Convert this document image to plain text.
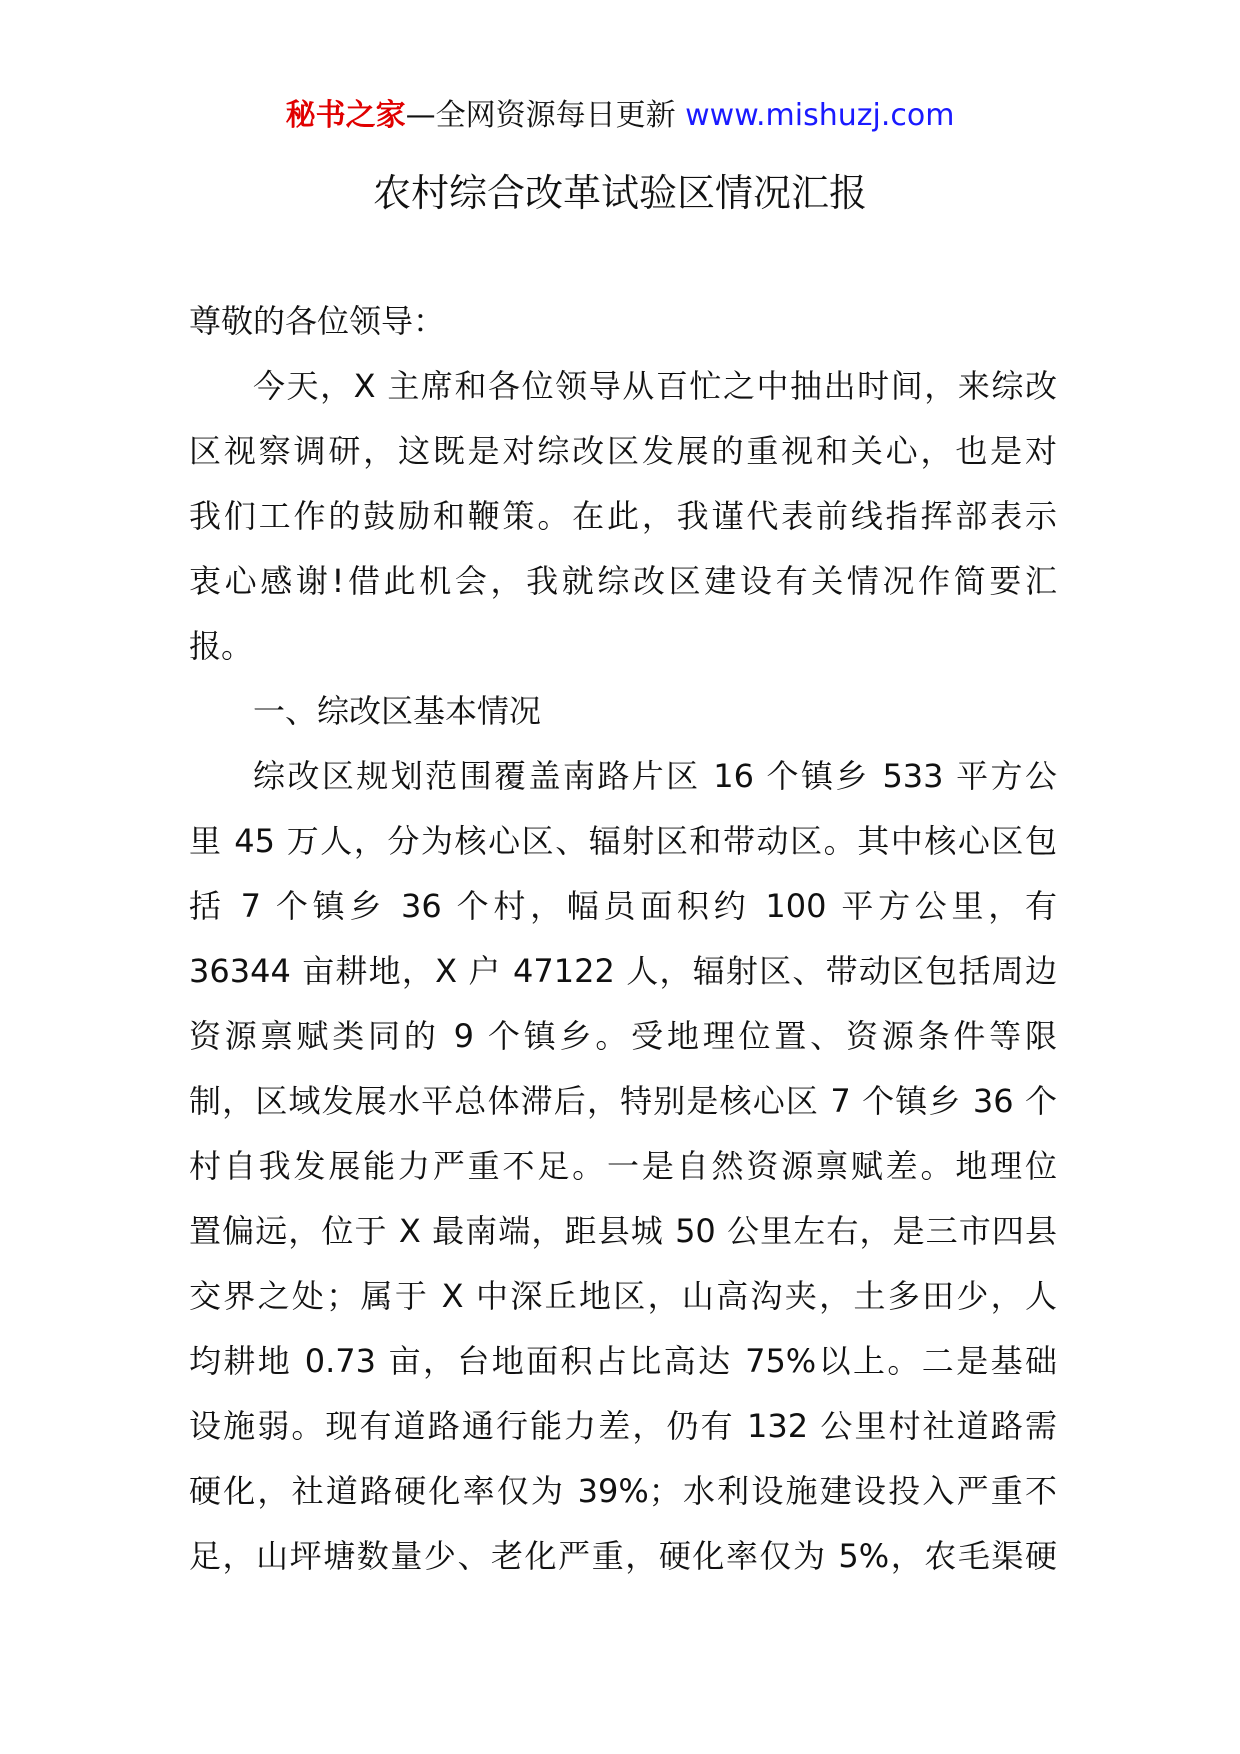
秘书之家—全网资源每日更新 www.mishuzj.com
农村综合改革试验区情况汇报

尊敬的各位领导：

今天，X 主席和各位领导从百忙之中抽出时间，来综改

区视察调研，这既是对综改区发展的重视和关心，也是对

我们工作的鼓励和鞭策。在此，我谨代表前线指挥部表示

衷心感谢!借此机会，我就综改区建设有关情况作简要汇

报。

一、综改区基本情况

综改区规划范围覆盖南路片区 16 个镇乡 533 平方公

里 45 万人，分为核心区、辐射区和带动区。其中核心区包

括 7 个镇乡 36 个村，幅员面积约 100 平方公里，有

36344 亩耕地，X 户 47122 人，辐射区、带动区包括周边

资源禀赋类同的 9 个镇乡。受地理位置、资源条件等限

制，区域发展水平总体滞后，特别是核心区 7 个镇乡 36 个

村自我发展能力严重不足。一是自然资源禀赋差。地理位

置偏远，位于 X 最南端，距县城 50 公里左右，是三市四县

交界之处；属于 X 中深丘地区，山高沟夹，土多田少，人

均耕地 0.73 亩，台地面积占比高达 75%以上。二是基础

设施弱。现有道路通行能力差，仍有 132 公里村社道路需

硬化，社道路硬化率仅为 39%；水利设施建设投入严重不

足，山坪塘数量少、老化严重，硬化率仅为 5%，农毛渠硬
